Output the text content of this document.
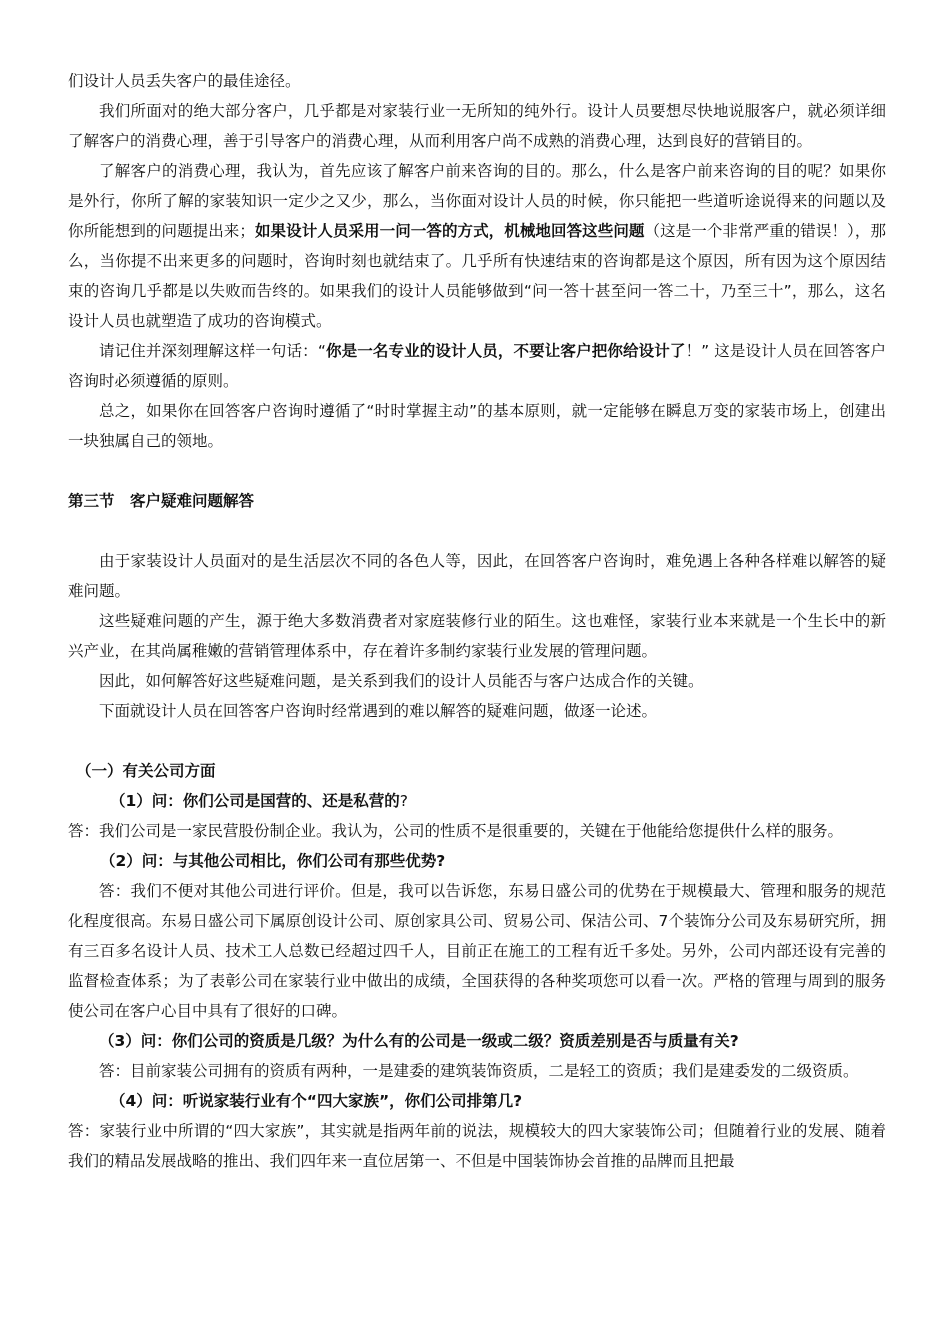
们设计人员丢失客户的最佳途径。

我们所面对的绝大部分客户，几乎都是对家装行业一无所知的纯外行。设计人员要想尽快地说服客户，就必须详细了解客户的消费心理，善于引导客户的消费心理，从而利用客户尚不成熟的消费心理，达到良好的营销目的。

了解客户的消费心理，我认为，首先应该了解客户前来咨询的目的。那么，什么是客户前来咨询的目的呢？如果你是外行，你所了解的家装知识一定少之又少，那么，当你面对设计人员的时候，你只能把一些道听途说得来的问题以及你所能想到的问题提出来；如果设计人员采用一问一答的方式，机械地回答这些问题（这是一个非常严重的错误！），那么，当你提不出来更多的问题时，咨询时刻也就结束了。几乎所有快速结束的咨询都是这个原因，所有因为这个原因结束的咨询几乎都是以失败而告终的。如果我们的设计人员能够做到“问一答十甚至问一答二十，乃至三十”，那么，这名设计人员也就塑造了成功的咨询模式。

请记住并深刻理解这样一句话：“你是一名专业的设计人员，不要让客户把你给设计了！” 这是设计人员在回答客户咨询时必须遵循的原则。

总之，如果你在回答客户咨询时遵循了“时时掌握主动”的基本原则，就一定能够在瞬息万变的家装市场上，创建出一块独属自己的领地。

第三节　客户疑难问题解答

由于家装设计人员面对的是生活层次不同的各色人等，因此，在回答客户咨询时，难免遇上各种各样难以解答的疑难问题。

这些疑难问题的产生，源于绝大多数消费者对家庭装修行业的陌生。这也难怪，家装行业本来就是一个生长中的新兴产业，在其尚属稚嫩的营销管理体系中，存在着许多制约家装行业发展的管理问题。

因此，如何解答好这些疑难问题，是关系到我们的设计人员能否与客户达成合作的关键。

下面就设计人员在回答客户咨询时经常遇到的难以解答的疑难问题，做逐一论述。

（一）有关公司方面

（1）问：你们公司是国营的、还是私营的?

答：我们公司是一家民营股份制企业。我认为，公司的性质不是很重要的，关键在于他能给您提供什么样的服务。

（2）问：与其他公司相比，你们公司有那些优势?

答：我们不便对其他公司进行评价。但是，我可以告诉您，东易日盛公司的优势在于规模最大、管理和服务的规范化程度很高。东易日盛公司下属原创设计公司、原创家具公司、贸易公司、保洁公司、7个装饰分公司及东易研究所，拥有三百多名设计人员、技术工人总数已经超过四千人，目前正在施工的工程有近千多处。另外，公司内部还设有完善的监督检查体系；为了表彰公司在家装行业中做出的成绩，全国获得的各种奖项您可以看一次。严格的管理与周到的服务使公司在客户心目中具有了很好的口碑。

（3）问：你们公司的资质是几级？为什么有的公司是一级或二级？资质差别是否与质量有关?

答：目前家装公司拥有的资质有两种，一是建委的建筑装饰资质，二是轻工的资质；我们是建委发的二级资质。

（4）问：听说家装行业有个“四大家族”，你们公司排第几?

答：家装行业中所谓的“四大家族”，其实就是指两年前的说法，规模较大的四大家装饰公司；但随着行业的发展、随着我们的精品发展战略的推出、我们四年来一直位居第一、不但是中国装饰协会首推的品牌而且把最
